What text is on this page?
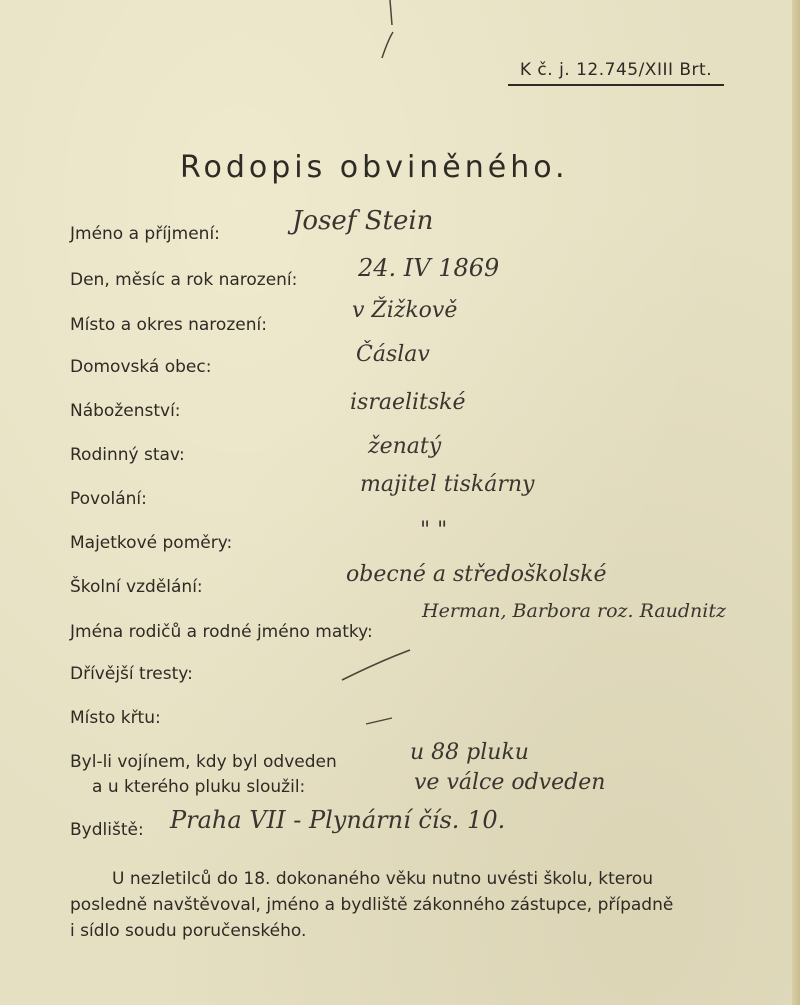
K č. j. 12.745/XIII Brt.
Rodopis obviněného.
Jméno a příjmení:
Den, měsíc a rok narození:
Místo a okres narození:
Domovská obec:
Náboženství:
Rodinný stav:
Povolání:
Majetkové poměry:
Školní vzdělání:
Jména rodičů a rodné jméno matky:
Dřívější tresty:
Místo křtu:
Byl-li vojínem, kdy byl odveden
a u kterého pluku sloužil:
Bydliště:
Josef Stein
24. IV 1869
v Žižkově
Čáslav
israelitské
ženatý
majitel tiskárny
" "
obecné a středoškolské
Herman, Barbora roz. Raudnitz
u 88 pluku
ve válce odveden
Praha VII - Plynární čís. 10.
U nezletilců do 18. dokonaného věku nutno uvésti školu, kterou
posledně navštěvoval, jméno a bydliště zákonného zástupce, případně
i sídlo soudu poručenského.
